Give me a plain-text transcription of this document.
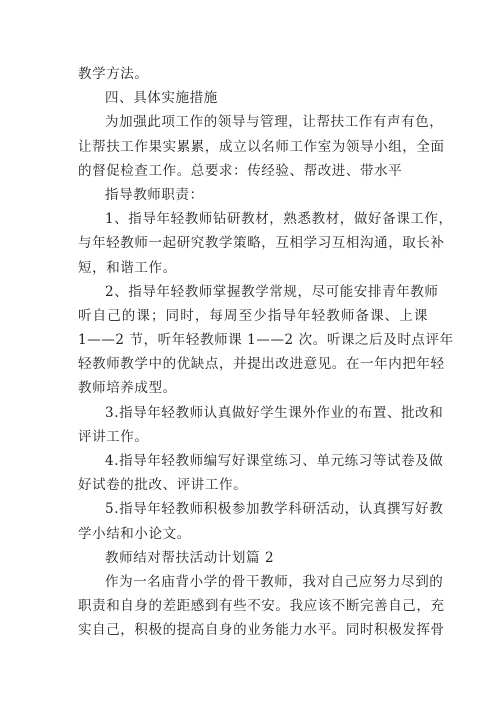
教学方法。
四、具体实施措施
为加强此项工作的领导与管理，让帮扶工作有声有色，
让帮扶工作果实累累，成立以名师工作室为领导小组，全面
的督促检查工作。总要求：传经验、帮改进、带水平
指导教师职责：
1、指导年轻教师钻研教材，熟悉教材，做好备课工作，
与年轻教师一起研究教学策略，互相学习互相沟通，取长补
短，和谐工作。
2、指导年轻教师掌握教学常规，尽可能安排青年教师
听自己的课；同时，每周至少指导年轻教师备课、上课
1——2 节，听年轻教师课 1——2 次。听课之后及时点评年
轻教师教学中的优缺点，并提出改进意见。在一年内把年轻
教师培养成型。
3.指导年轻教师认真做好学生课外作业的布置、批改和
评讲工作。
4.指导年轻教师编写好课堂练习、单元练习等试卷及做
好试卷的批改、评讲工作。
5.指导年轻教师积极参加教学科研活动，认真撰写好教
学小结和小论文。
教师结对帮扶活动计划篇 2
作为一名庙背小学的骨干教师，我对自己应努力尽到的
职责和自身的差距感到有些不安。我应该不断完善自己，充
实自己，积极的提高自身的业务能力水平。同时积极发挥骨
